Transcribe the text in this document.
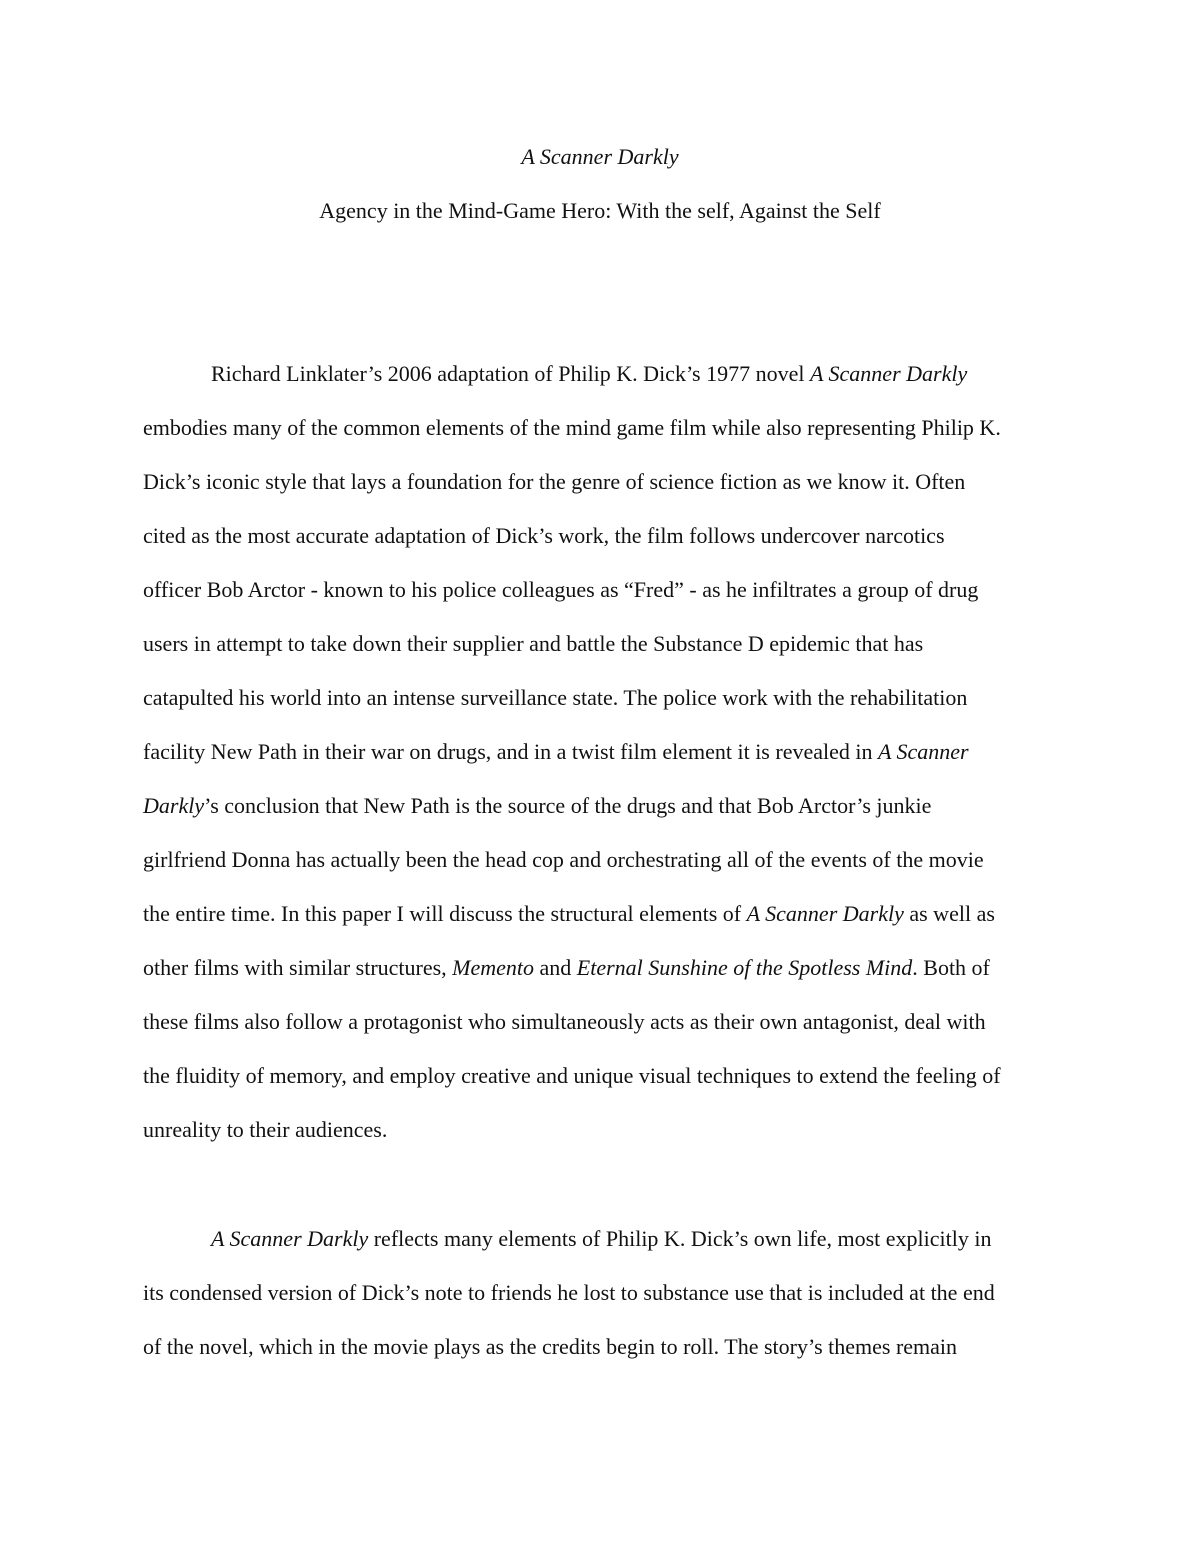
A Scanner Darkly
Agency in the Mind-Game Hero: With the self, Against the Self
Richard Linklater’s 2006 adaptation of Philip K. Dick’s 1977 novel A Scanner Darkly
embodies many of the common elements of the mind game film while also representing Philip K.
Dick’s iconic style that lays a foundation for the genre of science fiction as we know it. Often
cited as the most accurate adaptation of Dick’s work, the film follows undercover narcotics
officer Bob Arctor - known to his police colleagues as “Fred” - as he infiltrates a group of drug
users in attempt to take down their supplier and battle the Substance D epidemic that has
catapulted his world into an intense surveillance state. The police work with the rehabilitation
facility New Path in their war on drugs, and in a twist film element it is revealed in A Scanner
Darkly’s conclusion that New Path is the source of the drugs and that Bob Arctor’s junkie
girlfriend Donna has actually been the head cop and orchestrating all of the events of the movie
the entire time. In this paper I will discuss the structural elements of A Scanner Darkly as well as
other films with similar structures, Memento and Eternal Sunshine of the Spotless Mind. Both of
these films also follow a protagonist who simultaneously acts as their own antagonist, deal with
the fluidity of memory, and employ creative and unique visual techniques to extend the feeling of
unreality to their audiences.
A Scanner Darkly reflects many elements of Philip K. Dick’s own life, most explicitly in
its condensed version of Dick’s note to friends he lost to substance use that is included at the end
of the novel, which in the movie plays as the credits begin to roll. The story’s themes remain
